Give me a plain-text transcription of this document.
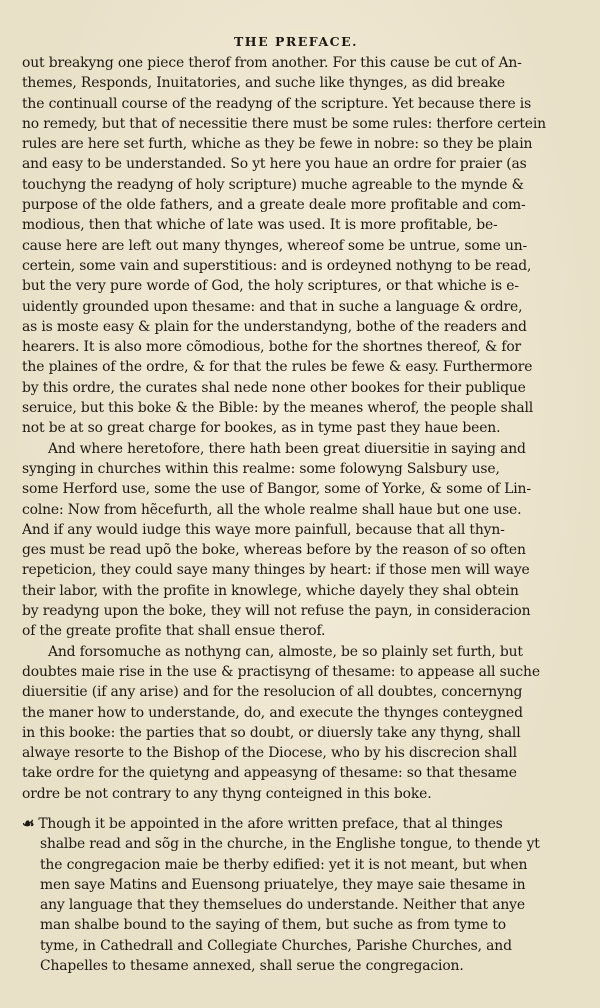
THE PREFACE.

out breakyng one piece therof from another. For this cause be cut of An-
themes, Responds, Inuitatories, and suche like thynges, as did breake
the continuall course of the readyng of the scripture. Yet because there is
no remedy, but that of necessitie there must be some rules: therfore certein
rules are here set furth, whiche as they be fewe in nobre: so they be plain
and easy to be understanded. So yt here you haue an ordre for praier (as
touchyng the readyng of holy scripture) muche agreable to the mynde &
purpose of the olde fathers, and a greate deale more profitable and com-
modious, then that whiche of late was used. It is more profitable, be-
cause here are left out many thynges, whereof some be untrue, some un-
certein, some vain and superstitious: and is ordeyned nothyng to be read,
but the very pure worde of God, the holy scriptures, or that whiche is e-
uidently grounded upon thesame: and that in suche a language & ordre,
as is moste easy & plain for the understandyng, bothe of the readers and
hearers. It is also more cõmodious, bothe for the shortnes thereof, & for
the plaines of the ordre, & for that the rules be fewe & easy. Furthermore
by this ordre, the curates shal nede none other bookes for their publique
seruice, but this boke & the Bible: by the meanes wherof, the people shall
not be at so great charge for bookes, as in tyme past they haue been.

And where heretofore, there hath been great diuersitie in saying and
synging in churches within this realme: some folowyng Salsbury use,
some Herford use, some the use of Bangor, some of Yorke, & some of Lin-
colne: Now from hẽcefurth, all the whole realme shall haue but one use.
And if any would iudge this waye more painfull, because that all thyn-
ges must be read upõ the boke, whereas before by the reason of so often
repeticion, they could saye many thinges by heart: if those men will waye
their labor, with the profite in knowlege, whiche dayely they shal obtein
by readyng upon the boke, they will not refuse the payn, in consideracion
of the greate profite that shall ensue therof.

And forsomuche as nothyng can, almoste, be so plainly set furth, but
doubtes maie rise in the use & practisyng of thesame: to appease all suche
diuersitie (if any arise) and for the resolucion of all doubtes, concernyng
the maner how to understande, do, and execute the thynges conteygned
in this booke: the parties that so doubt, or diuersly take any thyng, shall
alwaye resorte to the Bishop of the Diocese, who by his discrecion shall
take ordre for the quietyng and appeasyng of thesame: so that thesame
ordre be not contrary to any thyng conteigned in this boke.

☙ Though it be appointed in the afore written preface, that al thinges
shalbe read and sõg in the churche, in the Englishe tongue, to thende yt
the congregacion maie be therby edified: yet it is not meant, but when
men saye Matins and Euensong priuatelye, they maye saie thesame in
any language that they themselues do understande. Neither that anye
man shalbe bound to the saying of them, but suche as from tyme to
tyme, in Cathedrall and Collegiate Churches, Parishe Churches, and
Chapelles to thesame annexed, shall serue the congregacion.
